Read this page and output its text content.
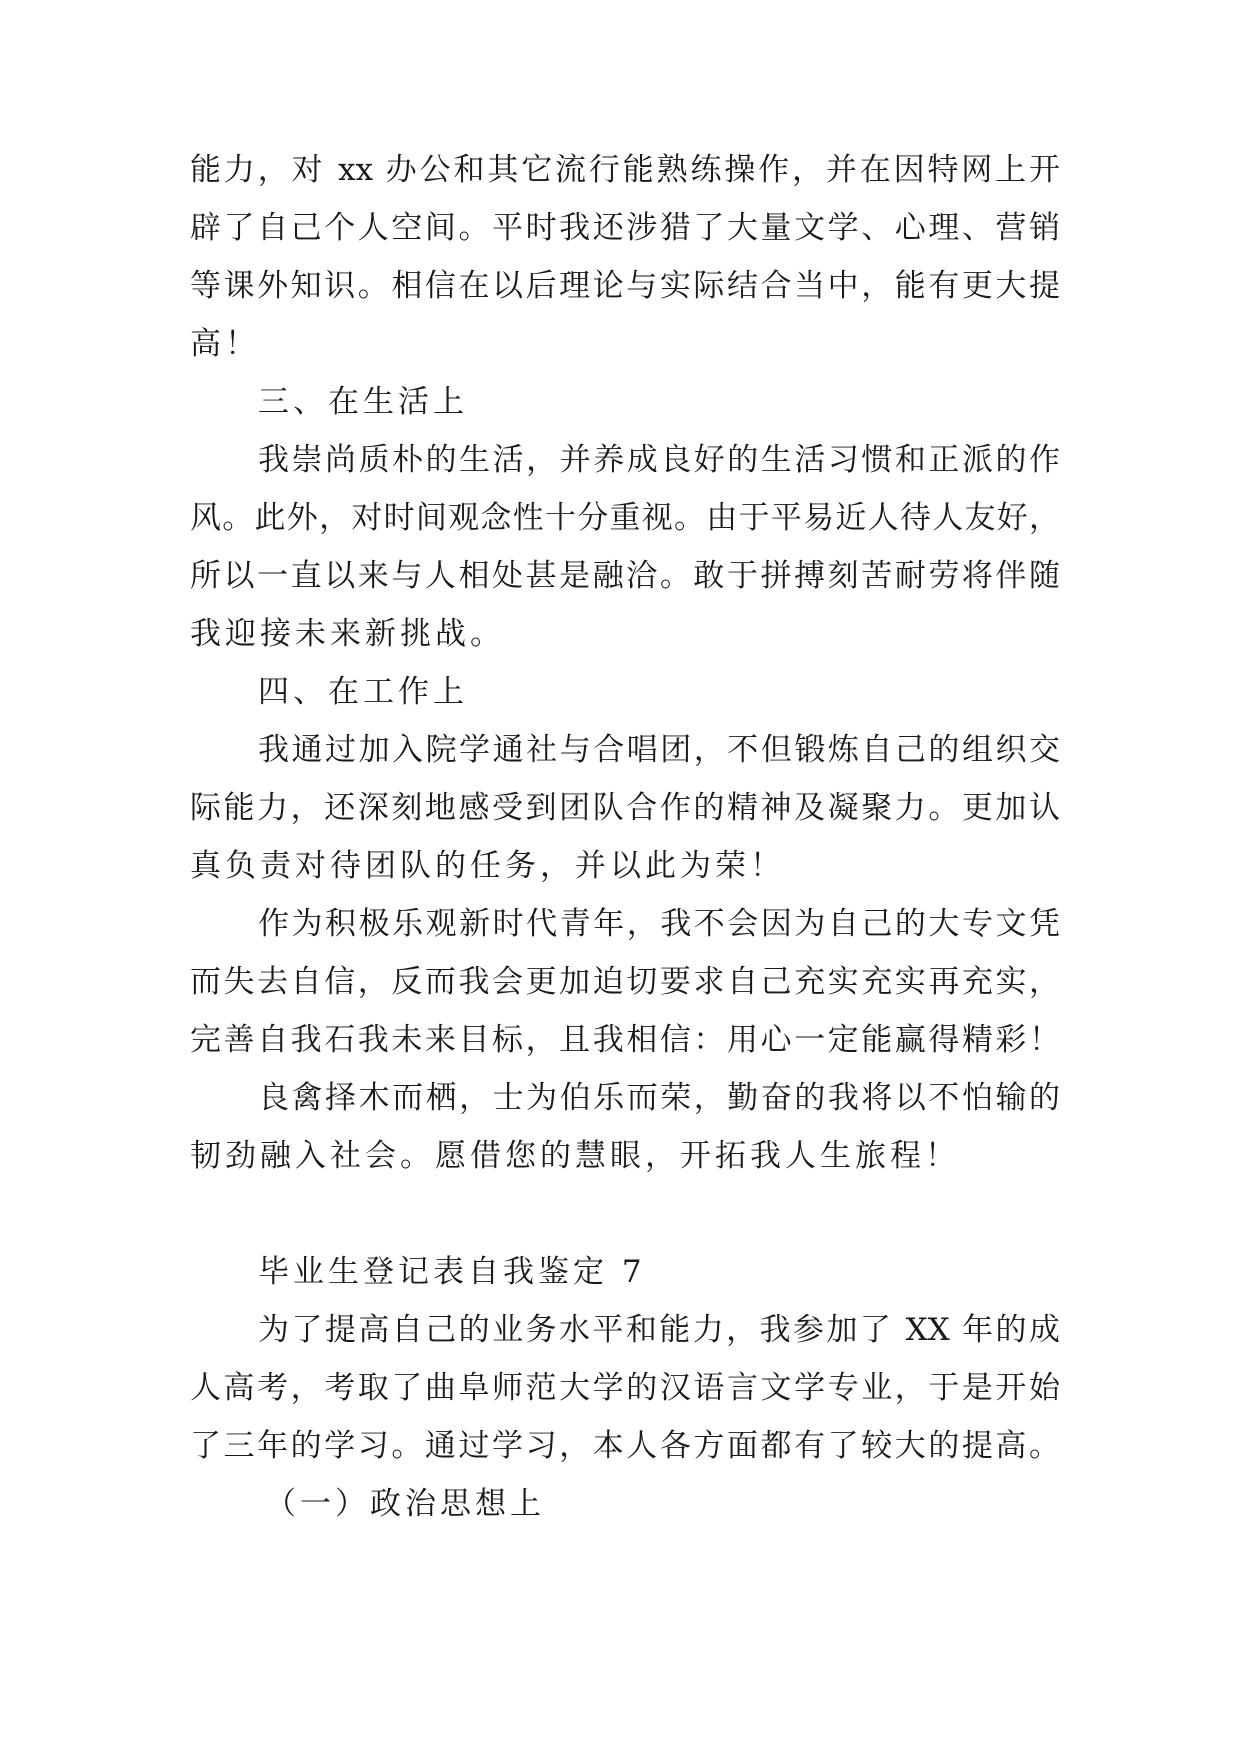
能力，对 xx 办公和其它流行能熟练操作，并在因特网上开
辟了自己个人空间。平时我还涉猎了大量文学、心理、营销
等课外知识。相信在以后理论与实际结合当中，能有更大提
高！
三、在生活上
我崇尚质朴的生活，并养成良好的生活习惯和正派的作
风。此外，对时间观念性十分重视。由于平易近人待人友好，
所以一直以来与人相处甚是融洽。敢于拼搏刻苦耐劳将伴随
我迎接未来新挑战。
四、在工作上
我通过加入院学通社与合唱团，不但锻炼自己的组织交
际能力，还深刻地感受到团队合作的精神及凝聚力。更加认
真负责对待团队的任务，并以此为荣！
作为积极乐观新时代青年，我不会因为自己的大专文凭
而失去自信，反而我会更加迫切要求自己充实充实再充实，
完善自我石我未来目标，且我相信：用心一定能赢得精彩！
良禽择木而栖，士为伯乐而荣，勤奋的我将以不怕输的
韧劲融入社会。愿借您的慧眼，开拓我人生旅程！
毕业生登记表自我鉴定 7
为了提高自己的业务水平和能力，我参加了 XX 年的成
人高考，考取了曲阜师范大学的汉语言文学专业，于是开始
了三年的学习。通过学习，本人各方面都有了较大的提高。
（一）政治思想上
